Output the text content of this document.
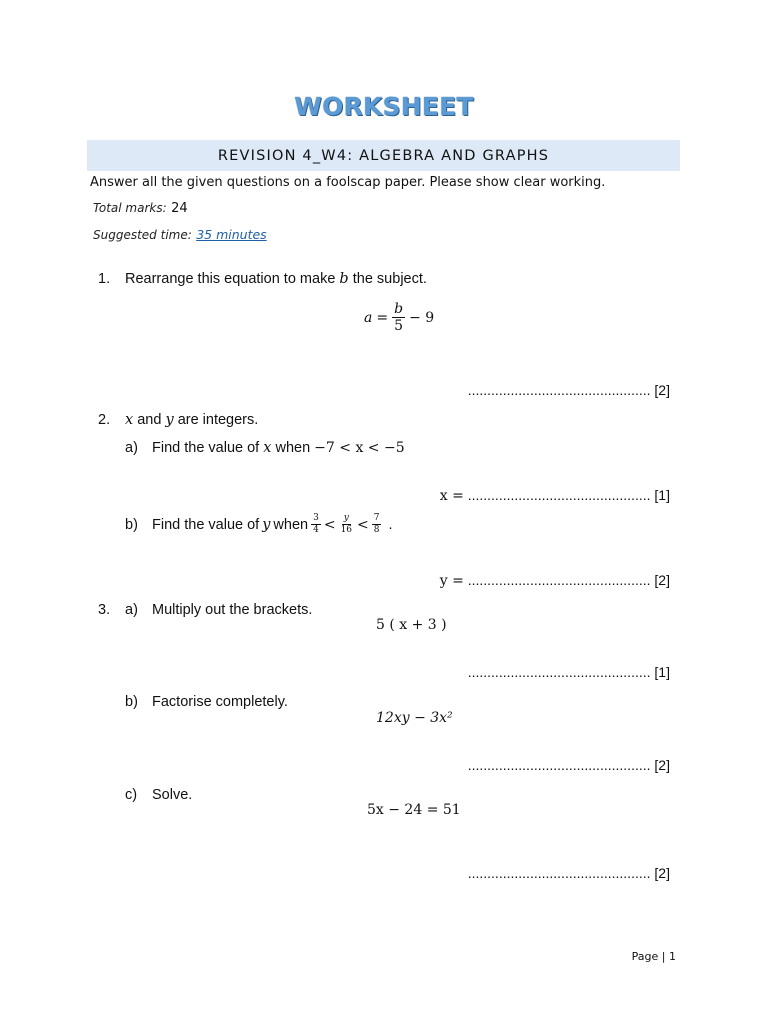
WORKSHEET
REVISION 4_W4: ALGEBRA AND GRAPHS
Answer all the given questions on a foolscap paper. Please show clear working.
Total marks: 24
Suggested time: 35 minutes
1. Rearrange this equation to make b the subject.
$a = \frac{b}{5} - 9$
............................................... [2]
2. x and y are integers.
a) Find the value of x when −7 < x < −5
x = ............................................... [1]
b) Find the value of y when $\frac{3}{4} < \frac{y}{16} < \frac{7}{8}$ .
y = ............................................... [2]
3. a) Multiply out the brackets.
5 ( x + 3 )
............................................... [1]
b) Factorise completely.
12xy − 3x²
............................................... [2]
c) Solve.
5x − 24 = 51
............................................... [2]
Page | 1
